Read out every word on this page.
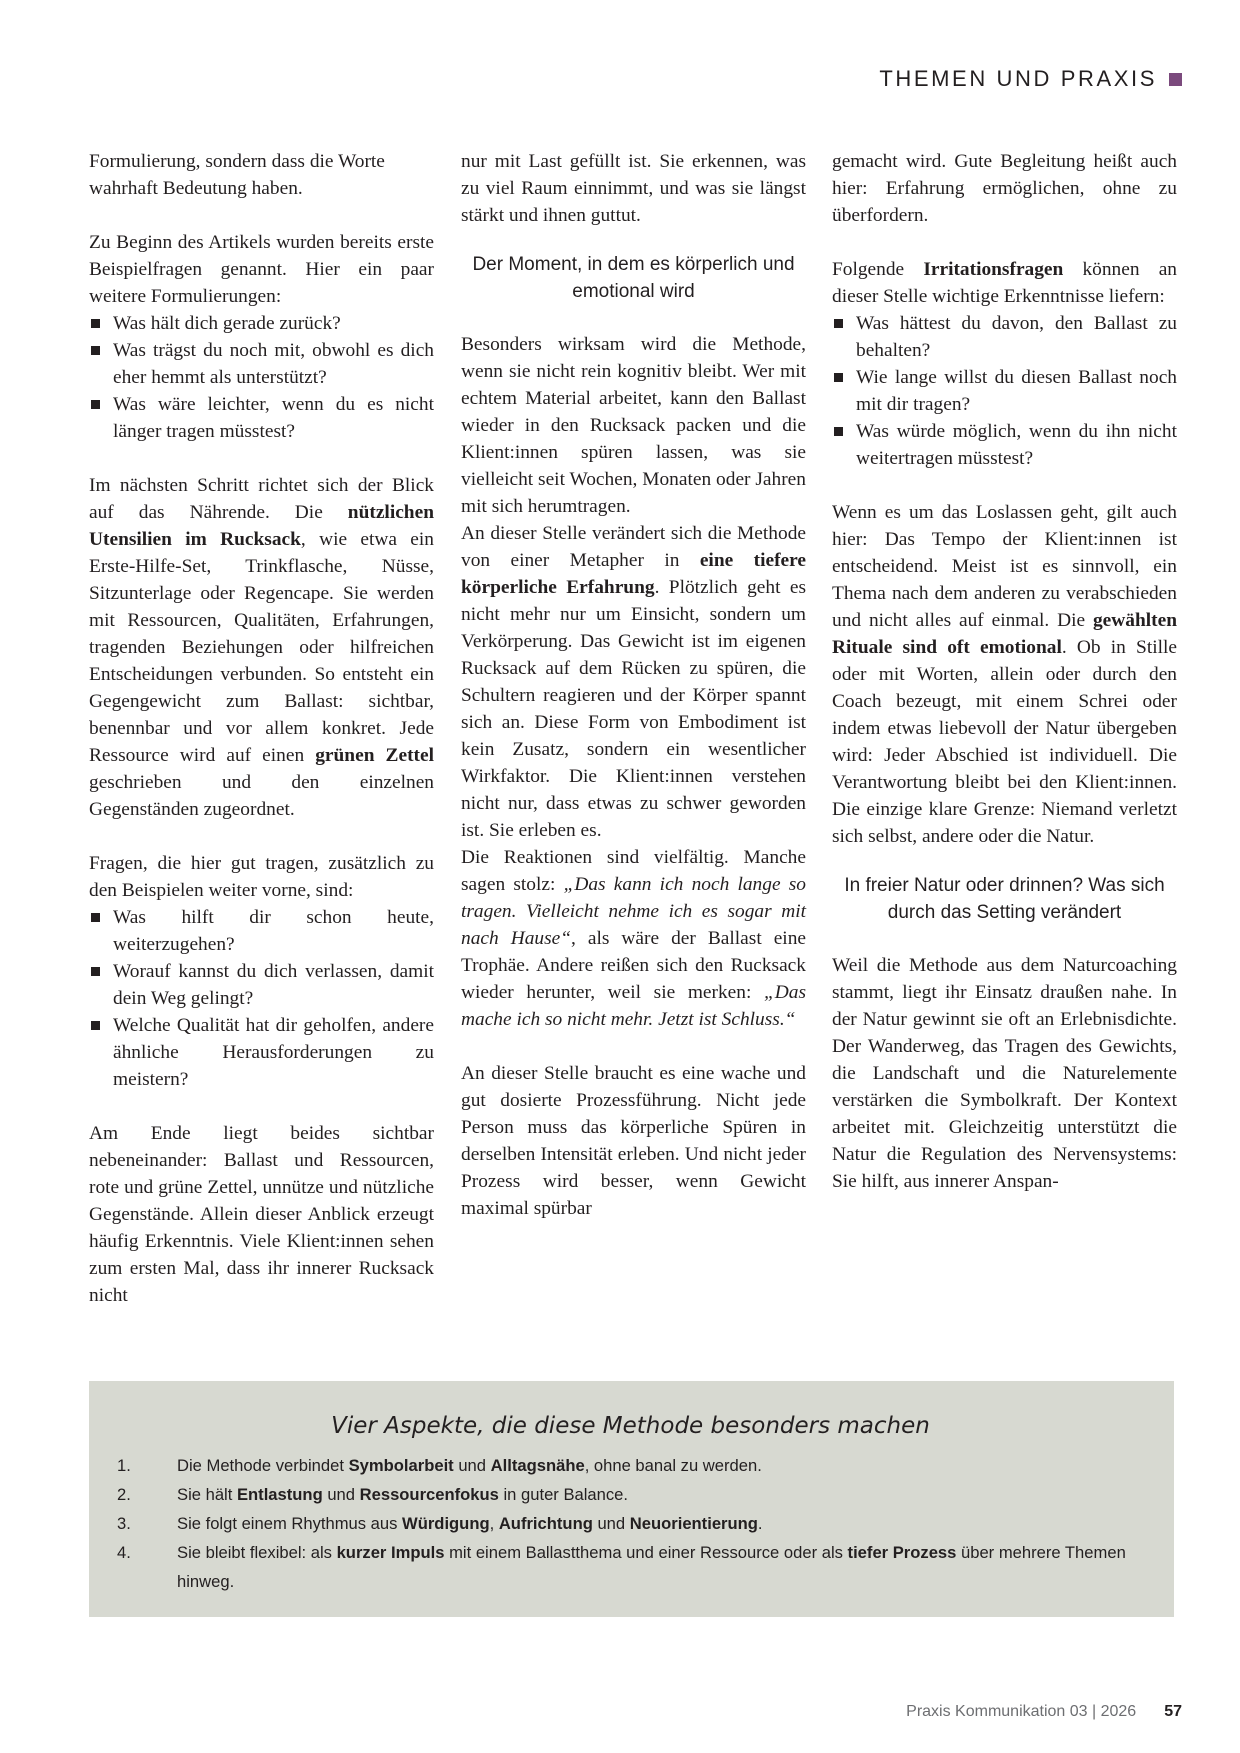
THEMEN UND PRAXIS

Formulierung, sondern dass die Worte wahrhaft Bedeutung haben.

Zu Beginn des Artikels wurden bereits erste Beispielfragen genannt. Hier ein paar weitere Formulierungen:

Was hält dich gerade zurück?
Was trägst du noch mit, obwohl es dich eher hemmt als unterstützt?
Was wäre leichter, wenn du es nicht länger tragen müsstest?

Im nächsten Schritt richtet sich der Blick auf das Nährende. Die nützlichen Utensilien im Rucksack, wie etwa ein Erste-Hilfe-Set, Trinkflasche, Nüsse, Sitzunterlage oder Regencape. Sie werden mit Ressourcen, Qualitäten, Erfahrungen, tragenden Beziehungen oder hilfreichen Entscheidungen verbunden. So entsteht ein Gegengewicht zum Ballast: sichtbar, benennbar und vor allem konkret. Jede Ressource wird auf einen grünen Zettel geschrieben und den einzelnen Gegenständen zugeordnet.

Fragen, die hier gut tragen, zusätzlich zu den Beispielen weiter vorne, sind:

Was hilft dir schon heute, weiterzugehen?
Worauf kannst du dich verlassen, damit dein Weg gelingt?
Welche Qualität hat dir geholfen, andere ähnliche Herausforderungen zu meistern?

Am Ende liegt beides sichtbar nebeneinander: Ballast und Ressourcen, rote und grüne Zettel, unnütze und nützliche Gegenstände. Allein dieser Anblick erzeugt häufig Erkenntnis. Viele Klient:innen sehen zum ersten Mal, dass ihr innerer Rucksack nicht

nur mit Last gefüllt ist. Sie erkennen, was zu viel Raum einnimmt, und was sie längst stärkt und ihnen guttut.

Der Moment, in dem es körperlich und emotional wird

Besonders wirksam wird die Methode, wenn sie nicht rein kognitiv bleibt. Wer mit echtem Material arbeitet, kann den Ballast wieder in den Rucksack packen und die Klient:innen spüren lassen, was sie vielleicht seit Wochen, Monaten oder Jahren mit sich herumtragen.

An dieser Stelle verändert sich die Methode von einer Metapher in eine tiefere körperliche Erfahrung. Plötzlich geht es nicht mehr nur um Einsicht, sondern um Verkörperung. Das Gewicht ist im eigenen Rucksack auf dem Rücken zu spüren, die Schultern reagieren und der Körper spannt sich an. Diese Form von Embodiment ist kein Zusatz, sondern ein wesentlicher Wirkfaktor. Die Klient:innen verstehen nicht nur, dass etwas zu schwer geworden ist. Sie erleben es.

Die Reaktionen sind vielfältig. Manche sagen stolz: „Das kann ich noch lange so tragen. Vielleicht nehme ich es sogar mit nach Hause“, als wäre der Ballast eine Trophäe. Andere reißen sich den Rucksack wieder herunter, weil sie merken: „Das mache ich so nicht mehr. Jetzt ist Schluss.“

An dieser Stelle braucht es eine wache und gut dosierte Prozessführung. Nicht jede Person muss das körperliche Spüren in derselben Intensität erleben. Und nicht jeder Prozess wird besser, wenn Gewicht maximal spürbar

gemacht wird. Gute Begleitung heißt auch hier: Erfahrung ermöglichen, ohne zu überfordern.

Folgende Irritationsfragen können an dieser Stelle wichtige Erkenntnisse liefern:

Was hättest du davon, den Ballast zu behalten?
Wie lange willst du diesen Ballast noch mit dir tragen?
Was würde möglich, wenn du ihn nicht weitertragen müsstest?

Wenn es um das Loslassen geht, gilt auch hier: Das Tempo der Klient:innen ist entscheidend. Meist ist es sinnvoll, ein Thema nach dem anderen zu verabschieden und nicht alles auf einmal. Die gewählten Rituale sind oft emotional. Ob in Stille oder mit Worten, allein oder durch den Coach bezeugt, mit einem Schrei oder indem etwas liebevoll der Natur übergeben wird: Jeder Abschied ist individuell. Die Verantwortung bleibt bei den Klient:innen. Die einzige klare Grenze: Niemand verletzt sich selbst, andere oder die Natur.

In freier Natur oder drinnen? Was sich durch das Setting verändert

Weil die Methode aus dem Naturcoaching stammt, liegt ihr Einsatz draußen nahe. In der Natur gewinnt sie oft an Erlebnisdichte. Der Wanderweg, das Tragen des Gewichts, die Landschaft und die Naturelemente verstärken die Symbolkraft. Der Kontext arbeitet mit. Gleichzeitig unterstützt die Natur die Regulation des Nervensystems: Sie hilft, aus innerer Anspan-

Vier Aspekte, die diese Methode besonders machen
1.	Die Methode verbindet Symbolarbeit und Alltagsnähe, ohne banal zu werden.
2.	Sie hält Entlastung und Ressourcenfokus in guter Balance.
3.	Sie folgt einem Rhythmus aus Würdigung, Aufrichtung und Neuorientierung.
4.	Sie bleibt flexibel: als kurzer Impuls mit einem Ballastthema und einer Ressource oder als tiefer Prozess über mehrere Themen hinweg.
Praxis Kommunikation 03 | 2026 57
